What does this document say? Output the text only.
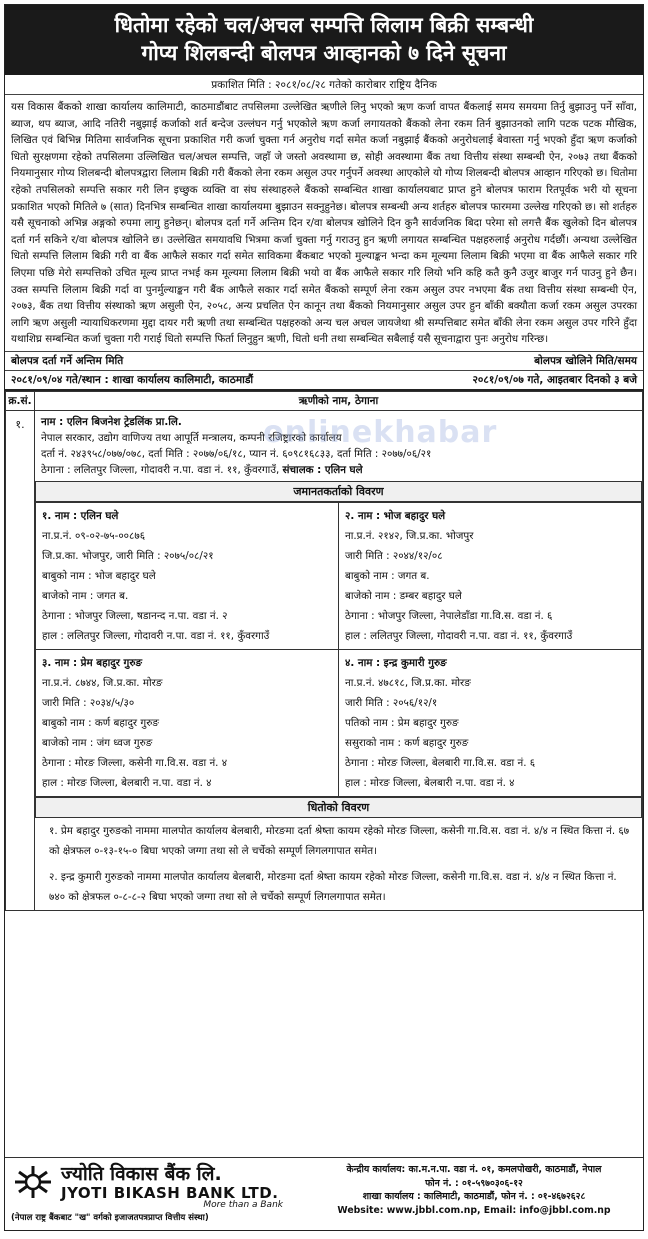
धितोमा रहेको चल/अचल सम्पत्ति लिलाम बिक्री सम्बन्धी
गोप्य शिलबन्दी बोलपत्र आव्हानको ७ दिने सूचना
प्रकाशित मिति : २०८१/०८/२८ गतेको कारोबार राष्ट्रिय दैनिक
यस विकास बैंकको शाखा कार्यालय कालिमाटी, काठमाडौंबाट तपसिलमा उल्लेखित ऋणीले लिनु भएको ऋण कर्जा वापत बैंकलाई समय समयमा तिर्नु बुझाउनु पर्ने साँवा, ब्याज, थप ब्याज, आदि नतिरी नबुझाई कर्जाको शर्त बन्देज उल्लंघन गर्नु भएकोले ऋण कर्जा लगायतको बैंकको लेना रकम तिर्न बुझाउनको लागि पटक पटक मौखिक, लिखित एवं बिभिन्न मितिमा सार्वजनिक सूचना प्रकाशित गरी कर्जा चुक्ता गर्न अनुरोध गर्दा समेत कर्जा नबुझाई बैंकको अनुरोधलाई बेवास्ता गर्नु भएको हुँदा ऋण कर्जाको धितो सुरक्षणमा रहेको तपसिलमा उल्लिखित चल/अचल सम्पत्ति, जहाँ जे जस्तो अवस्थामा छ, सोही अवस्थामा बैंक तथा वित्तीय संस्था सम्बन्धी ऐन, २०७३ तथा बैंकको नियमानुसार गोप्य शिलबन्दी बोलपत्रद्वारा लिलाम बिक्री गरी बैंकको लेना रकम असुल उपर गर्नुपर्ने अवस्था आएकोले यो गोप्य शिलबन्दी बोलपत्र आव्हान गरिएको छ। धितोमा रहेको तपसिलको सम्पत्ति सकार गरी लिन इच्छुक व्यक्ति वा संघ संस्थाहरुले बैंकको सम्बन्धित शाखा कार्यालयबाट प्राप्त हुने बोलपत्र फाराम रितपूर्वक भरी यो सूचना प्रकाशित भएको मितिले ७ (सात) दिनभित्र सम्बन्धित शाखा कार्यालयमा बुझाउन सक्नुहुनेछ। बोलपत्र सम्बन्धी अन्य शर्तहरु बोलपत्र फारममा उल्लेख गरिएको छ। सो शर्तहरु यसै सूचनाको अभिन्न अङ्गको रुपमा लागु हुनेछन्। बोलपत्र दर्ता गर्ने अन्तिम दिन र/वा बोलपत्र खोलिने दिन कुनै सार्वजनिक बिदा परेमा सो लगत्तै बैंक खुलेको दिन बोलपत्र दर्ता गर्न सकिने र/वा बोलपत्र खोलिने छ। उल्लेखित समयावधि भित्रमा कर्जा चुक्ता गर्नु गराउनु हुन ऋणी लगायत सम्बन्धित पक्षहरुलाई अनुरोध गर्दछौं। अन्यथा उल्लेखित धितो सम्पत्ति लिलाम बिक्री गरी वा बैंक आफैले सकार गर्दा समेत साविकमा बैंकबाट भएको मुल्याङ्कन भन्दा कम मूल्यमा लिलाम बिक्री भएमा वा बैंक आफैले सकार गरि लिएमा पछि मेरो सम्पत्तिको उचित मूल्य प्राप्त नभई कम मूल्यमा लिलाम बिक्री भयो वा बैंक आफैले सकार गरि लियो भनि कहि कतै कुनै उजुर बाजुर गर्न पाउनु हुने छैन। उक्त सम्पत्ति लिलाम बिक्री गर्दा वा पुनर्मुल्याङ्कन गरी बैंक आफैले सकार गर्दा समेत बैंकको सम्पूर्ण लेना रकम असुल उपर नभएमा बैंक तथा वित्तीय संस्था सम्बन्धी ऐन, २०७३, बैंक तथा वित्तीय संस्थाको ऋण असुली ऐन, २०५८, अन्य प्रचलित ऐन कानून तथा बैंकको नियमानुसार असुल उपर हुन बाँकी बक्यौता कर्जा रकम असुल उपरका लागि ऋण असुली न्यायाधिकरणमा मुद्दा दायर गरी ऋणी तथा सम्बन्धित पक्षहरुको अन्य चल अचल जायजेथा श्री सम्पत्तिबाट समेत बाँकी लेना रकम असुल उपर गरिने हुँदा यथाशिघ्र सम्बन्धित कर्जा चुक्ता गरी गराई धितो सम्पत्ति फिर्ता लिनुहुन ऋणी, धितो धनी तथा सम्बन्धित सबैलाई यसै सूचनाद्वारा पुनः अनुरोध गरिन्छ।
बोलपत्र दर्ता गर्ने अन्तिम मिति	बोलपत्र खोलिने मिति/समय
२०८१/०९/०४ गते/स्थान : शाखा कार्यालय कालिमाटी, काठमाडौं	२०८१/०९/०७ गते, आइतबार दिनको ३ बजे
क्र.सं.	ऋणीको नाम, ठेगाना
१.	onlinekhabar
नाम : एलिन बिजनेश ट्रेडलिंक प्रा.लि.
नेपाल सरकार, उद्योग वाणिज्य तथा आपूर्ति मन्त्रालय, कम्पनी रजिष्ट्रारको कार्यालय
दर्ता नं. २४३९५८/०७७/०७८, दर्ता मिति : २०७७/०६/१८, प्यान नं. ६०९८१६८३३, दर्ता मिति : २०७७/०६/२१
ठेगाना : ललितपुर जिल्ला, गोदावरी न.पा. वडा नं. ११, कुँवरगाउँ, संचालक : एलिन घले
जमानतकर्ताको विवरण
१. नाम : एलिन घले
ना.प्र.नं. ०९-०२-७५-००८७६
जि.प्र.का. भोजपुर, जारी मिति : २०७५/०८/२१
बाबुको नाम : भोज बहादुर घले
बाजेको नाम : जगत ब.
ठेगाना : भोजपुर जिल्ला, षडानन्द न.पा. वडा नं. २
हाल : ललितपुर जिल्ला, गोदावरी न.पा. वडा नं. ११, कुँवरगाउँ

२. नाम : भोज बहादुर घले
ना.प्र.नं. २१४२, जि.प्र.का. भोजपुर
जारी मिति : २०४४/१२/०८
बाबुको नाम : जगत ब.
बाजेको नाम : डम्बर बहादुर घले
ठेगाना : भोजपुर जिल्ला, नेपालेडाँडा गा.वि.स. वडा नं. ६
हाल : ललितपुर जिल्ला, गोदावरी न.पा. वडा नं. ११, कुँवरगाउँ

३. नाम : प्रेम बहादुर गुरुङ
ना.प्र.नं. ८७४४, जि.प्र.का. मोरङ
जारी मिति : २०३४/५/३०
बाबुको नाम : कर्ण बहादुर गुरुङ
बाजेको नाम : जंग ध्वज गुरुङ
ठेगाना : मोरङ जिल्ला, कसेनी गा.वि.स. वडा नं. ४
हाल : मोरङ जिल्ला, बेलबारी न.पा. वडा नं. ४

४. नाम : इन्द्र कुमारी गुरुङ
ना.प्र.नं. ४७८१८, जि.प्र.का. मोरङ
जारी मिति : २०५६/१२/१
पतिको नाम : प्रेम बहादुर गुरुङ
ससुराको नाम : कर्ण बहादुर गुरुङ
ठेगाना : मोरङ जिल्ला, बेलबारी गा.वि.स. वडा नं. ६
हाल : मोरङ जिल्ला, बेलबारी न.पा. वडा नं. ४
धितोको विवरण
१. प्रेम बहादुर गुरुङको नाममा मालपोत कार्यालय बेलबारी, मोरङमा दर्ता श्रेष्ता कायम रहेको मोरङ जिल्ला, कसेनी गा.वि.स. वडा नं. ४/४ न स्थित कित्ता नं. ६७ को क्षेत्रफल ०-१३-१५-० बिघा भएको जग्गा तथा सो ले चर्चेको सम्पूर्ण लिगलगापात समेत।
२. इन्द्र कुमारी गुरुङको नाममा मालपोत कार्यालय बेलबारी, मोरङमा दर्ता श्रेष्ता कायम रहेको मोरङ जिल्ला, कसेनी गा.वि.स. वडा नं. ४/४ न स्थित कित्ता नं. ७४० को क्षेत्रफल ०-८-८-२ बिघा भएको जग्गा तथा सो ले चर्चेको सम्पूर्ण लिगलगापात समेत।
ज्योति विकास बैंक लि.
JYOTI BIKASH BANK LTD.
More than a Bank
(नेपाल राष्ट्र बैंकबाट "ख" वर्गको इजाजतपत्रप्राप्त वित्तीय संस्था)
केन्द्रीय कार्यालय: का.म.न.पा. वडा नं. ०१, कमलपोखरी, काठमाडौं, नेपाल
फोन नं. : ०१-५९७०३०६-१२
शाखा कार्यालय : कालिमाटी, काठमाडौं, फोन नं. : ०१-४६७२६२८
Website: www.jbbl.com.np, Email: info@jbbl.com.np
